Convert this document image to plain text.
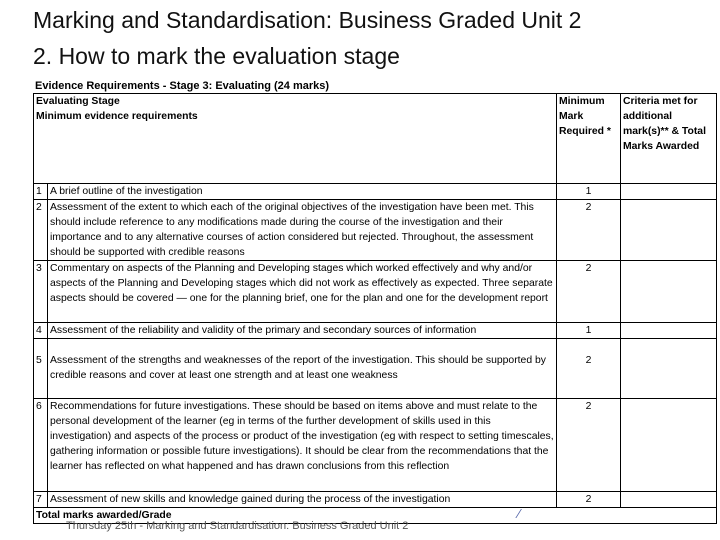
Marking and Standardisation: Business Graded Unit 2
2. How to mark the evaluation stage
Evidence Requirements - Stage 3: Evaluating (24 marks)
Evaluating Stage
Minimum evidence requirements		Minimum Mark Required *	Criteria met for additional mark(s)** & Total Marks Awarded
1	A brief outline of the investigation	1	
2	Assessment of the extent to which each of the original objectives of the investigation have been met. This should include reference to any modifications made during the course of the investigation and their importance and to any alternative courses of action considered but rejected. Throughout, the assessment should be supported with credible reasons	2	
3	Commentary on aspects of the Planning and Developing stages which worked effectively and why and/or aspects of the Planning and Developing stages which did not work as effectively as expected. Three separate aspects should be covered — one for the planning brief, one for the plan and one for the development report	2	
4	Assessment of the reliability and validity of the primary and secondary sources of information	1	
5	Assessment of the strengths and weaknesses of the report of the investigation. This should be supported by credible reasons and cover at least one strength and at least one weakness	2	
6	Recommendations for future investigations. These should be based on items above and must relate to the personal development of the learner (eg in terms of the further development of skills used in this investigation) and aspects of the process or product of the investigation (eg with respect to setting timescales, gathering information or possible future investigations). It should be clear from the recommendations that the learner has reflected on what happened and has drawn conclusions from this reflection	2	
7	Assessment of new skills and knowledge gained during the process of the investigation	2	
Total marks awarded/Grade				⁄
Thursday 25th - Marking and Standardisation: Business Graded Unit 2
